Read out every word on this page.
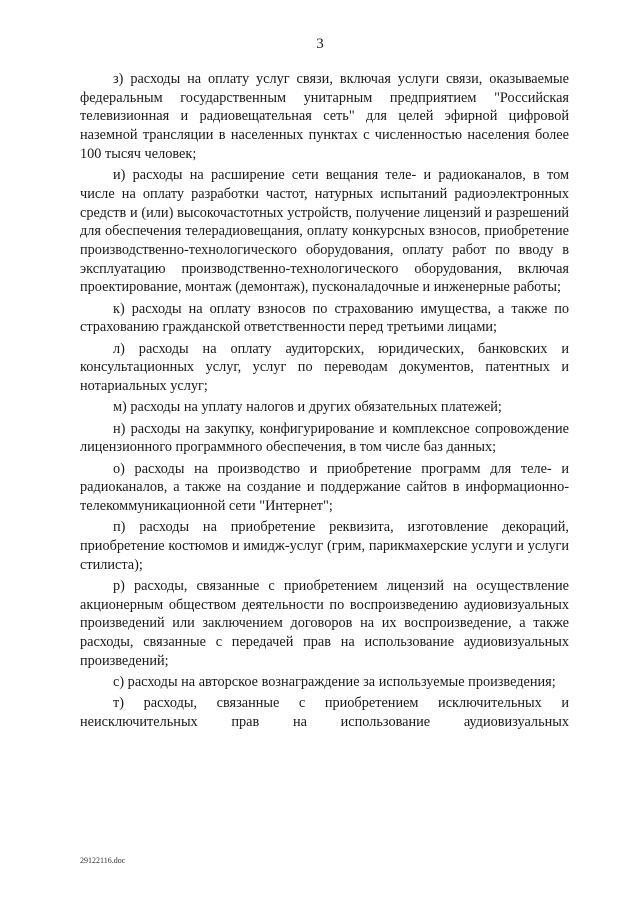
3

з) расходы на оплату услуг связи, включая услуги связи, оказываемые федеральным государственным унитарным предприятием "Российская телевизионная и радиовещательная сеть" для целей эфирной цифровой наземной трансляции в населенных пунктах с численностью населения более 100 тысяч человек;

и) расходы на расширение сети вещания теле- и радиоканалов, в том числе на оплату разработки частот, натурных испытаний радиоэлектронных средств и (или) высокочастотных устройств, получение лицензий и разрешений для обеспечения телерадиовещания, оплату конкурсных взносов, приобретение производственно-технологического оборудования, оплату работ по вводу в эксплуатацию производственно-технологического оборудования, включая проектирование, монтаж (демонтаж), пусконаладочные и инженерные работы;

к) расходы на оплату взносов по страхованию имущества, а также по страхованию гражданской ответственности перед третьими лицами;

л) расходы на оплату аудиторских, юридических, банковских и консультационных услуг, услуг по переводам документов, патентных и нотариальных услуг;

м) расходы на уплату налогов и других обязательных платежей;

н) расходы на закупку, конфигурирование и комплексное сопровождение лицензионного программного обеспечения, в том числе баз данных;

о) расходы на производство и приобретение программ для теле- и радиоканалов, а также на создание и поддержание сайтов в информационно-телекоммуникационной сети "Интернет";

п) расходы на приобретение реквизита, изготовление декораций, приобретение костюмов и имидж-услуг (грим, парикмахерские услуги и услуги стилиста);

р) расходы, связанные с приобретением лицензий на осуществление акционерным обществом деятельности по воспроизведению аудиовизуальных произведений или заключением договоров на их воспроизведение, а также расходы, связанные с передачей прав на использование аудиовизуальных произведений;

с) расходы на авторское вознаграждение за используемые произведения;

т) расходы, связанные с приобретением исключительных и неисключительных прав на использование аудиовизуальных

29122116.doc
